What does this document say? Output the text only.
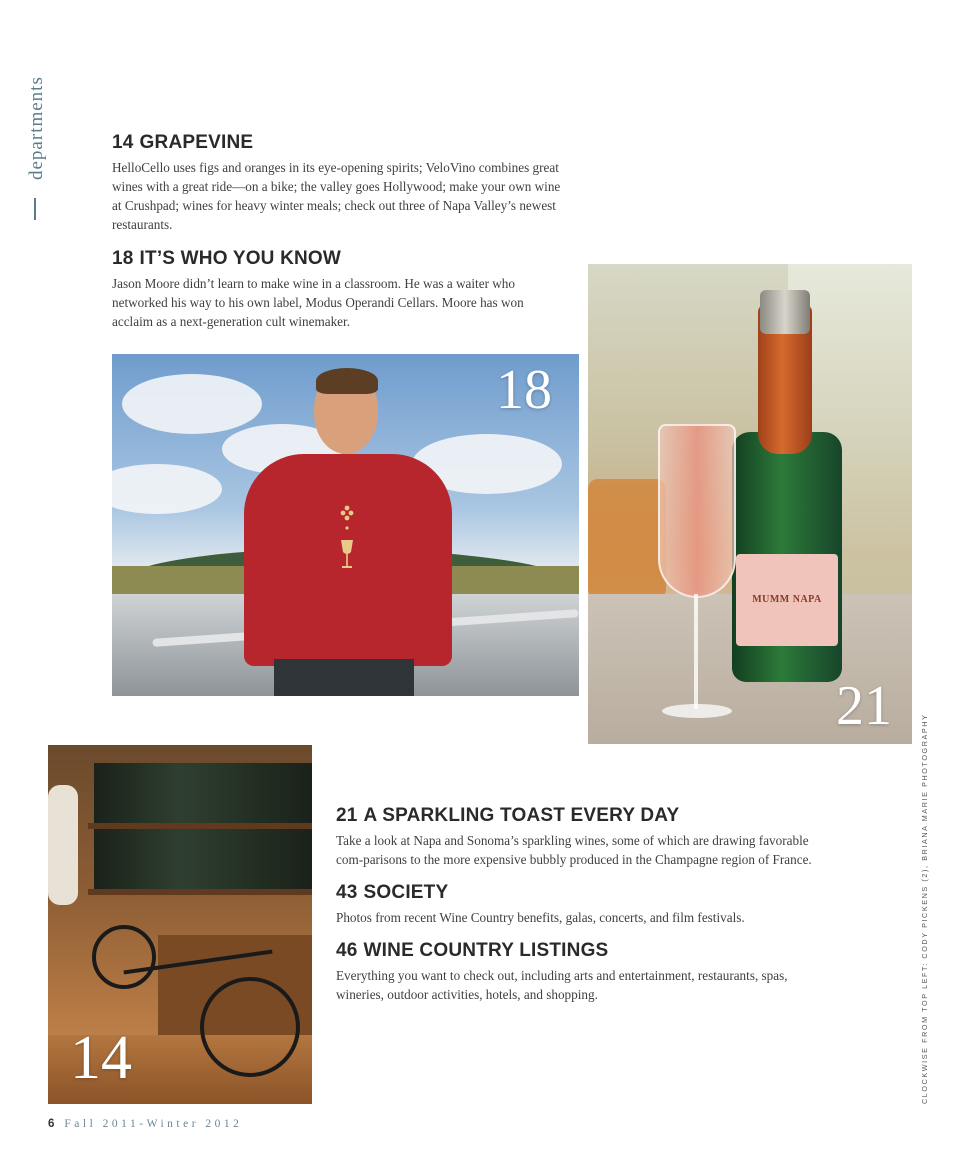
departments	14 GRAPEVINE

HelloCello uses figs and oranges in its eye-opening spirits; VeloVino combines great wines with a great ride—on a bike; the valley goes Hollywood; make your own wine at Crushpad; wines for heavy winter meals; check out three of Napa Valley’s newest restaurants.

18 IT’S WHO YOU KNOW

Jason Moore didn’t learn to make wine in a classroom. He was a waiter who networked his way to his own label, Modus Operandi Cellars. Moore has won acclaim as a next-generation cult winemaker.

18
MUMM NAPA
21
14
21 A SPARKLING TOAST EVERY DAY

Take a look at Napa and Sonoma’s sparkling wines, some of which are drawing favorable com-parisons to the more expensive bubbly produced in the Champagne region of France.

43 SOCIETY

Photos from recent Wine Country benefits, galas, concerts, and film festivals.

46 WINE COUNTRY LISTINGS

Everything you want to check out, including arts and entertainment, restaurants, spas, wineries, outdoor activities, hotels, and shopping.	CLOCKWISE FROM TOP LEFT: CODY PICKENS (2), BRIANA MARIE PHOTOGRAPHY
6 Fall 2011-Winter 2012
